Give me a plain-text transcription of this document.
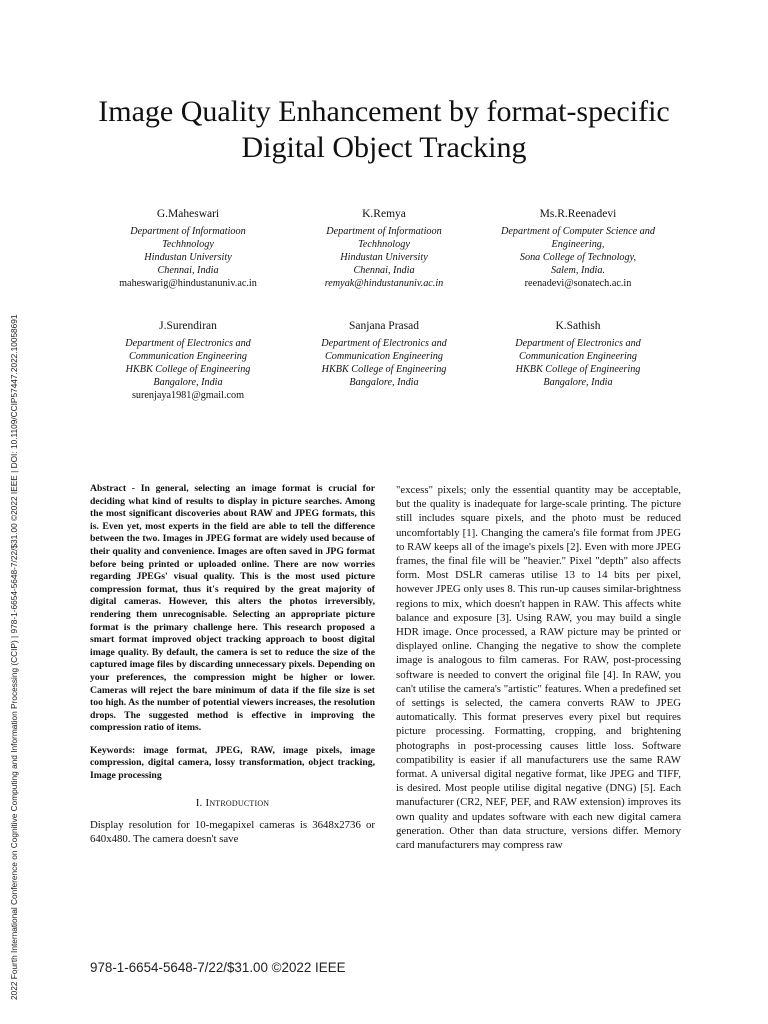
2022 Fourth International Conference on Cognitive Computing and Information Processing (CCIP) | 978-1-6654-5648-7/22/$31.00 ©2022 IEEE | DOI: 10.1109/CCIP57447.2022.10058691
Image Quality Enhancement by format-specific
Digital Object Tracking
G.Maheswari
Department of Informatioon
Techhnology
Hindustan University
Chennai, India
maheswarig@hindustanuniv.ac.in
K.Remya
Department of Informatioon
Techhnology
Hindustan University
Chennai, India
remyak@hindustanuniv.ac.in
Ms.R.Reenadevi
Department of Computer Science and
Engineering,
Sona College of Technology,
Salem, India.
reenadevi@sonatech.ac.in
J.Surendiran
Department of Electronics and
Communication Engineering
HKBK College of Engineering
Bangalore, India
surenjaya1981@gmail.com
Sanjana Prasad
Department of Electronics and
Communication Engineering
HKBK College of Engineering
Bangalore, India
K.Sathish
Department of Electronics and
Communication Engineering
HKBK College of Engineering
Bangalore, India
Abstract - In general, selecting an image format is crucial for deciding what kind of results to display in picture searches. Among the most significant discoveries about RAW and JPEG formats, this is. Even yet, most experts in the field are able to tell the difference between the two. Images in JPEG format are widely used because of their quality and convenience. Images are often saved in JPG format before being printed or uploaded online. There are now worries regarding JPEGs' visual quality. This is the most used picture compression format, thus it's required by the great majority of digital cameras. However, this alters the photos irreversibly, rendering them unrecognisable. Selecting an appropriate picture format is the primary challenge here. This research proposed a smart format improved object tracking approach to boost digital image quality. By default, the camera is set to reduce the size of the captured image files by discarding unnecessary pixels. Depending on your preferences, the compression might be higher or lower. Cameras will reject the bare minimum of data if the file size is set too high. As the number of potential viewers increases, the resolution drops. The suggested method is effective in improving the compression ratio of items.
Keywords: image format, JPEG, RAW, image pixels, image compression, digital camera, lossy transformation, object tracking, Image processing
I. Introduction
Display resolution for 10-megapixel cameras is 3648x2736 or 640x480. The camera doesn't save
"excess" pixels; only the essential quantity may be acceptable, but the quality is inadequate for large-scale printing. The picture still includes square pixels, and the photo must be reduced uncomfortably [1]. Changing the camera's file format from JPEG to RAW keeps all of the image's pixels [2]. Even with more JPEG frames, the final file will be "heavier." Pixel "depth" also affects form. Most DSLR cameras utilise 13 to 14 bits per pixel, however JPEG only uses 8. This run-up causes similar-brightness regions to mix, which doesn't happen in RAW. This affects white balance and exposure [3]. Using RAW, you may build a single HDR image. Once processed, a RAW picture may be printed or displayed online. Changing the negative to show the complete image is analogous to film cameras. For RAW, post-processing software is needed to convert the original file [4]. In RAW, you can't utilise the camera's "artistic" features. When a predefined set of settings is selected, the camera converts RAW to JPEG automatically. This format preserves every pixel but requires picture processing. Formatting, cropping, and brightening photographs in post-processing causes little loss. Software compatibility is easier if all manufacturers use the same RAW format. A universal digital negative format, like JPEG and TIFF, is desired. Most people utilise digital negative (DNG) [5]. Each manufacturer (CR2, NEF, PEF, and RAW extension) improves its own quality and updates software with each new digital camera generation. Other than data structure, versions differ. Memory card manufacturers may compress raw
978-1-6654-5648-7/22/$31.00 ©2022 IEEE
